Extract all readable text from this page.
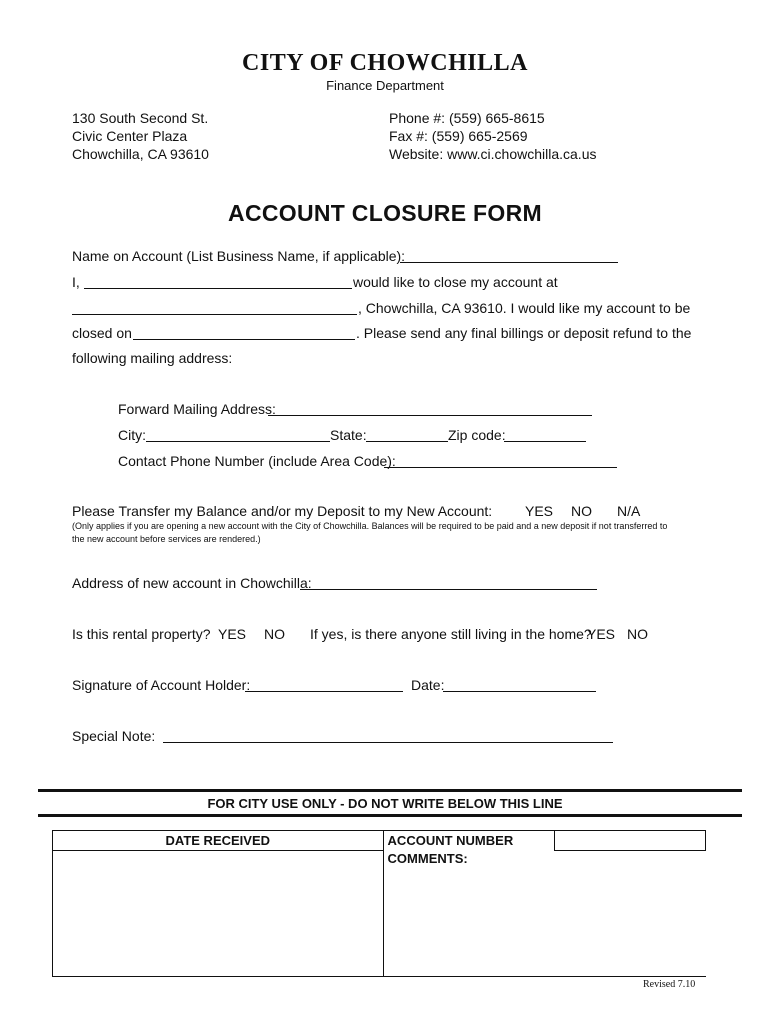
CITY OF CHOWCHILLA
Finance Department
130 South Second St.
Civic Center Plaza
Chowchilla, CA 93610
Phone #: (559) 665-8615
Fax #: (559) 665-2569
Website: www.ci.chowchilla.ca.us
ACCOUNT CLOSURE FORM
Name on Account (List Business Name, if applicable):
I,	would like to close my account at
, Chowchilla, CA 93610. I would like my account to be
closed on	. Please send any final billings or deposit refund to the
following mailing address:
Forward Mailing Address:
City:	State:	Zip code:
Contact Phone Number (include Area Code):
Please Transfer my Balance and/or my Deposit to my New Account: YES NO N/A
(Only applies if you are opening a new account with the City of Chowchilla. Balances will be required to be paid and a new deposit if not transferred to the new account before services are rendered.)
Address of new account in Chowchilla:
Is this rental property? YES NO If yes, is there anyone still living in the home?
YES NO
Signature of Account Holder:	Date:
Special Note:
FOR CITY USE ONLY - DO NOT WRITE BELOW THIS LINE
DATE RECEIVED	ACCOUNT NUMBER	
	COMMENTS:	
Revised 7.10
